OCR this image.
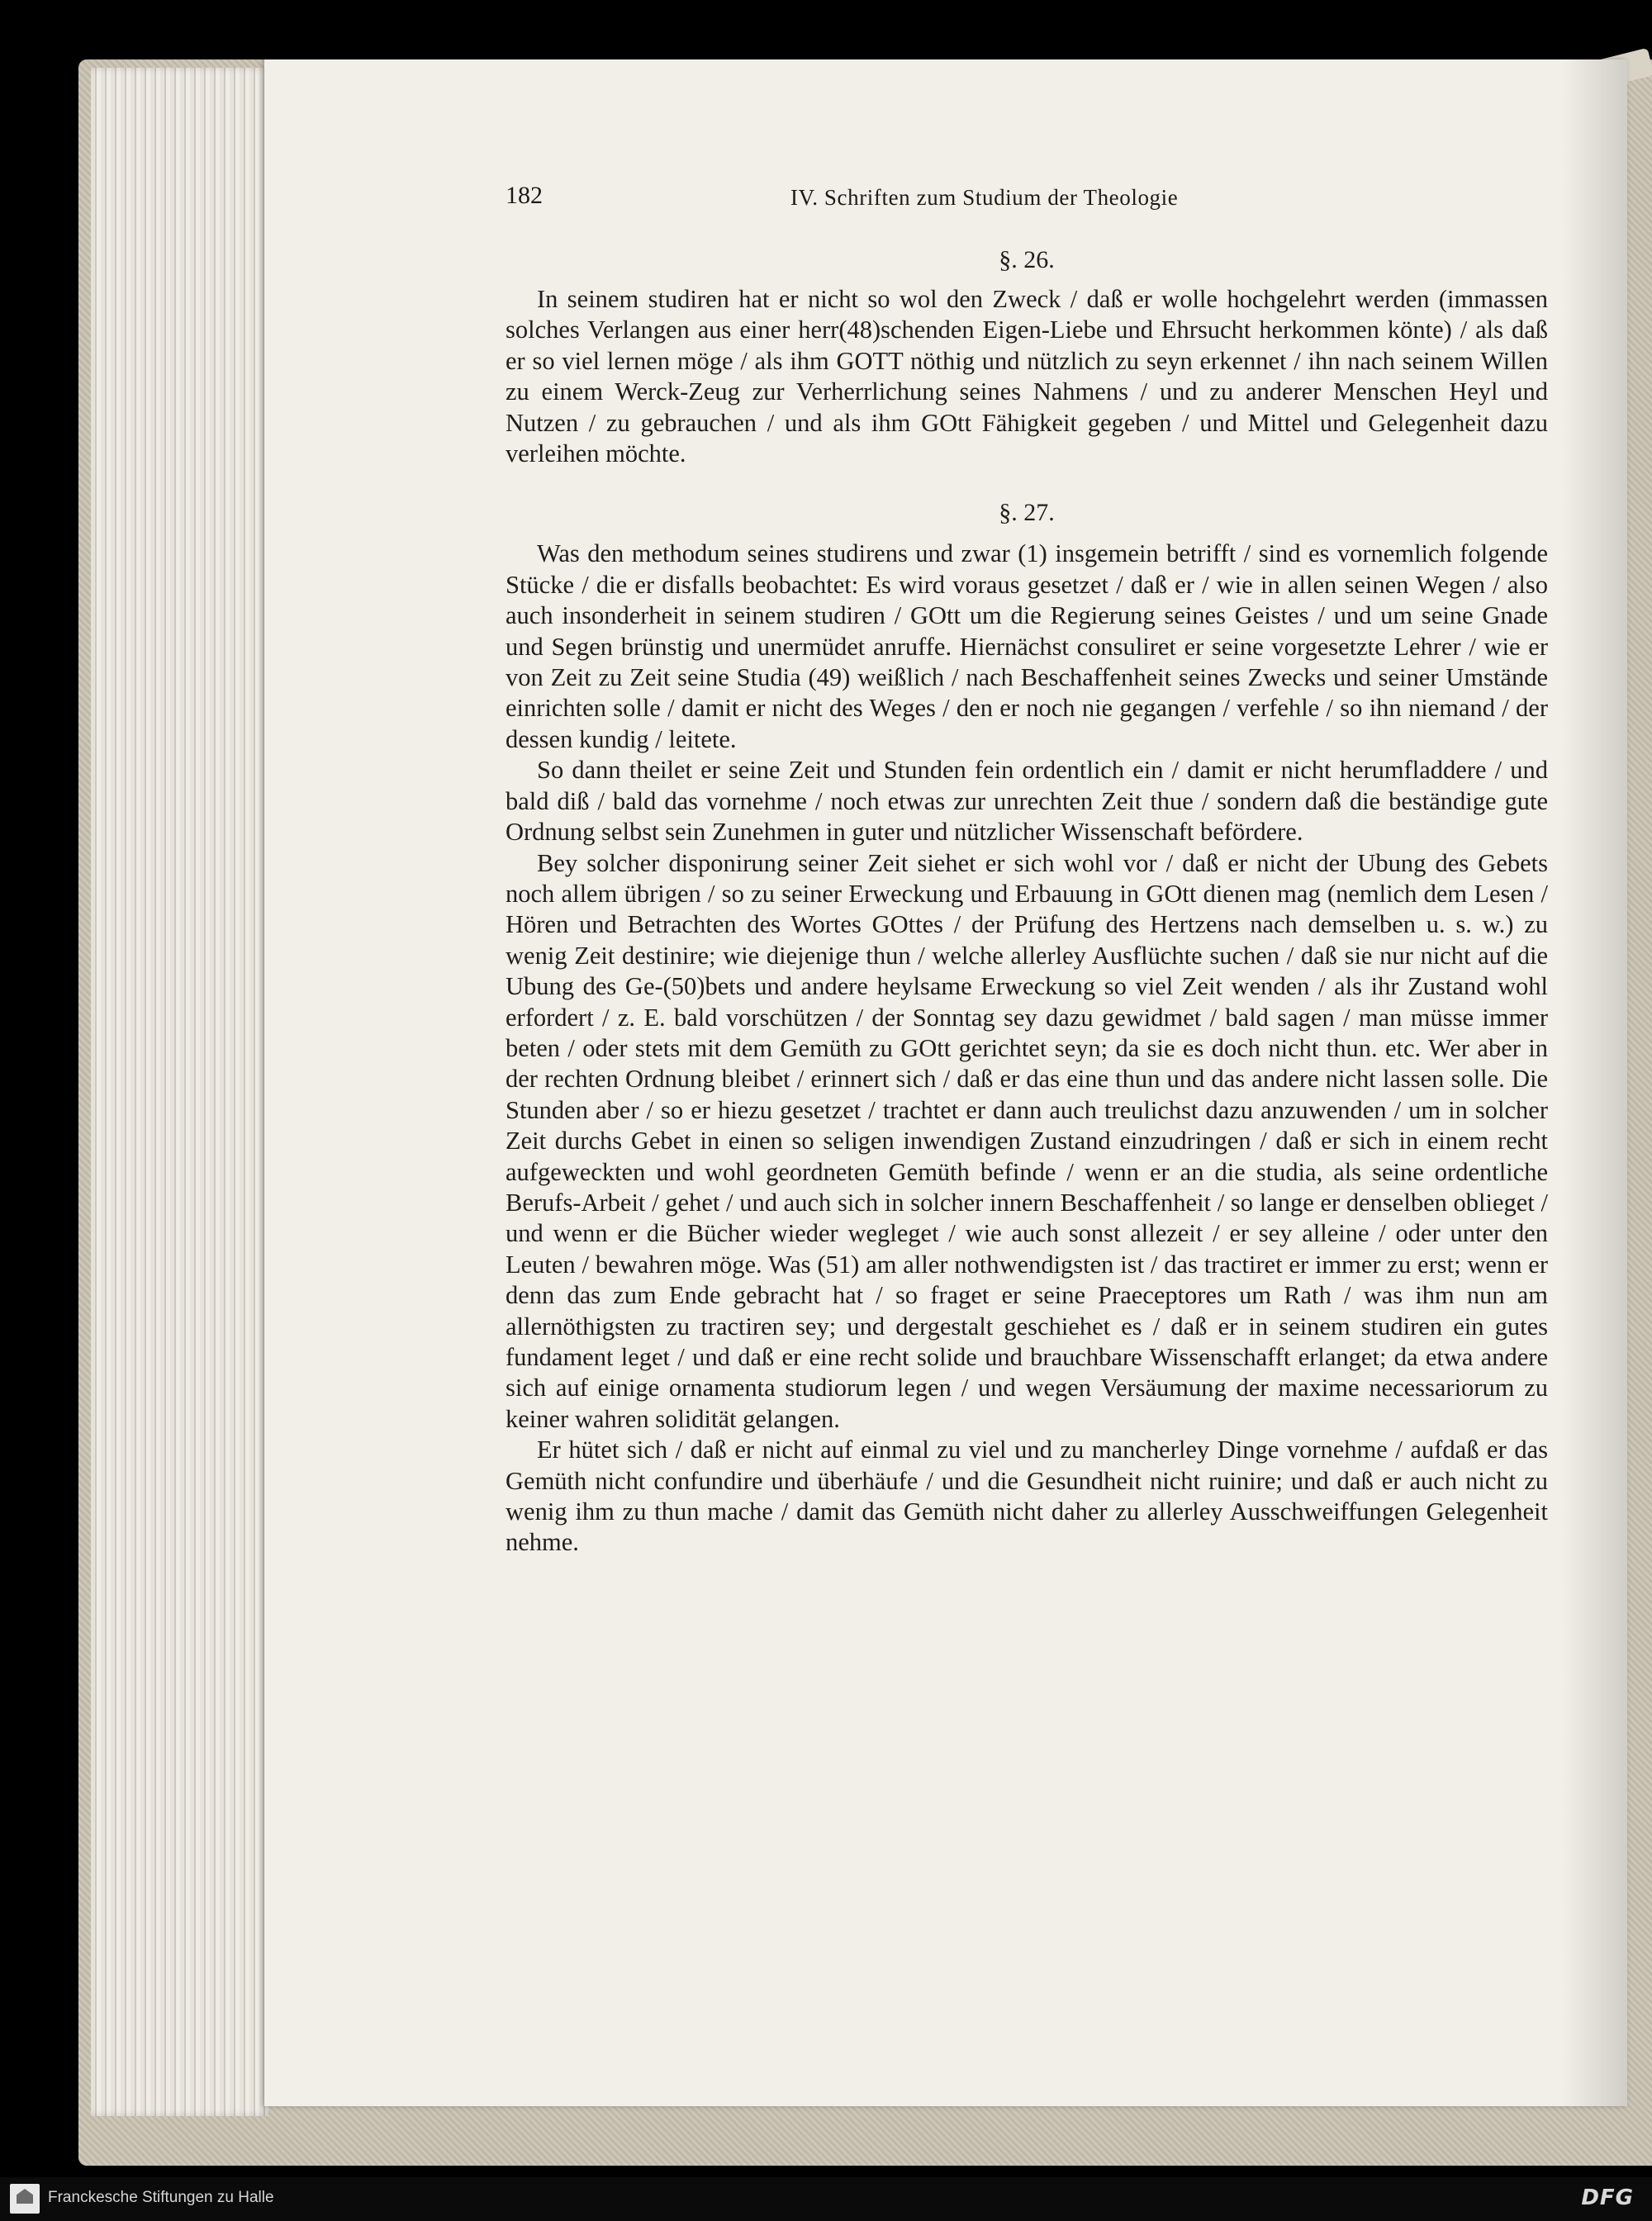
182	IV. Schriften zum Studium der Theologie

§. 26.

In seinem studiren hat er nicht so wol den Zweck / daß er wolle hochgelehrt werden (immassen solches Verlangen aus einer herr(48)schenden Eigen-Liebe und Ehrsucht herkommen könte) / als daß er so viel lernen möge / als ihm GOTT nöthig und nützlich zu seyn erkennet / ihn nach seinem Willen zu einem Werck-Zeug zur Verherrlichung seines Nahmens / und zu anderer Menschen Heyl und Nutzen / zu gebrauchen / und als ihm GOtt Fähigkeit gegeben / und Mittel und Gelegenheit dazu verleihen möchte.

§. 27.

Was den methodum seines studirens und zwar (1) insgemein betrifft / sind es vornemlich folgende Stücke / die er disfalls beobachtet: Es wird voraus gesetzet / daß er / wie in allen seinen Wegen / also auch insonderheit in seinem studiren / GOtt um die Regierung seines Geistes / und um seine Gnade und Segen brünstig und unermüdet anruffe. Hiernächst consuliret er seine vorgesetzte Lehrer / wie er von Zeit zu Zeit seine Studia (49) weißlich / nach Beschaffenheit seines Zwecks und seiner Umstände einrichten solle / damit er nicht des Weges / den er noch nie gegangen / verfehle / so ihn niemand / der dessen kundig / leitete.

So dann theilet er seine Zeit und Stunden fein ordentlich ein / damit er nicht herumfladdere / und bald diß / bald das vornehme / noch etwas zur unrechten Zeit thue / sondern daß die beständige gute Ordnung selbst sein Zunehmen in guter und nützlicher Wissenschaft befördere.

Bey solcher disponirung seiner Zeit siehet er sich wohl vor / daß er nicht der Ubung des Gebets noch allem übrigen / so zu seiner Erweckung und Erbauung in GOtt dienen mag (nemlich dem Lesen / Hören und Betrachten des Wortes GOttes / der Prüfung des Hertzens nach demselben u. s. w.) zu wenig Zeit destinire; wie diejenige thun / welche allerley Ausflüchte suchen / daß sie nur nicht auf die Ubung des Ge-(50)bets und andere heylsame Erweckung so viel Zeit wenden / als ihr Zustand wohl erfordert / z. E. bald vorschützen / der Sonntag sey dazu gewidmet / bald sagen / man müsse immer beten / oder stets mit dem Gemüth zu GOtt gerichtet seyn; da sie es doch nicht thun. etc. Wer aber in der rechten Ordnung bleibet / erinnert sich / daß er das eine thun und das andere nicht lassen solle. Die Stunden aber / so er hiezu gesetzet / trachtet er dann auch treulichst dazu anzuwenden / um in solcher Zeit durchs Gebet in einen so seligen inwendigen Zustand einzudringen / daß er sich in einem recht aufgeweckten und wohl geordneten Gemüth befinde / wenn er an die studia, als seine ordentliche Berufs-Arbeit / gehet / und auch sich in solcher innern Beschaffenheit / so lange er denselben oblieget / und wenn er die Bücher wieder wegleget / wie auch sonst allezeit / er sey alleine / oder unter den Leuten / bewahren möge. Was (51) am aller nothwendigsten ist / das tractiret er immer zu erst; wenn er denn das zum Ende gebracht hat / so fraget er seine Praeceptores um Rath / was ihm nun am allernöthigsten zu tractiren sey; und dergestalt geschiehet es / daß er in seinem studiren ein gutes fundament leget / und daß er eine recht solide und brauchbare Wissenschafft erlanget; da etwa andere sich auf einige ornamenta studiorum legen / und wegen Versäumung der maxime necessariorum zu keiner wahren solidität gelangen.

Er hütet sich / daß er nicht auf einmal zu viel und zu mancherley Dinge vornehme / aufdaß er das Gemüth nicht confundire und überhäufe / und die Gesundheit nicht ruinire; und daß er auch nicht zu wenig ihm zu thun mache / damit das Gemüth nicht daher zu allerley Ausschweiffungen Gelegenheit nehme.

Franckesche Stiftungen zu Halle	DFG
